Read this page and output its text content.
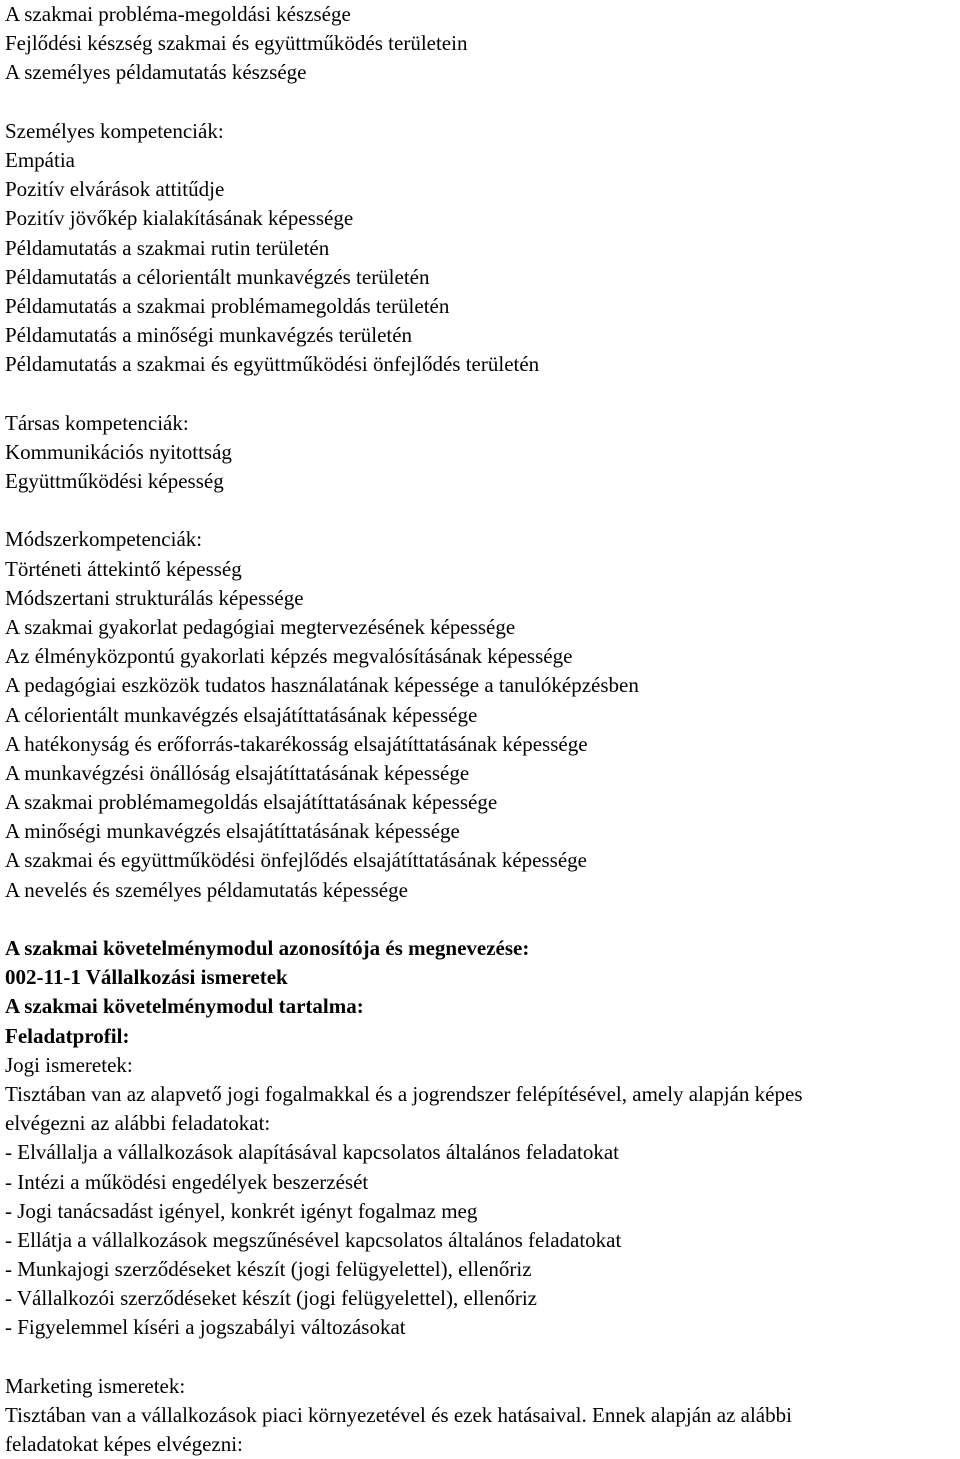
A szakmai probléma-megoldási készsége
Fejlődési készség szakmai és együttműködés területein
A személyes példamutatás készsége
Személyes kompetenciák:
Empátia
Pozitív elvárások attitűdje
Pozitív jövőkép kialakításának képessége
Példamutatás a szakmai rutin területén
Példamutatás a célorientált munkavégzés területén
Példamutatás a szakmai problémamegoldás területén
Példamutatás a minőségi munkavégzés területén
Példamutatás a szakmai és együttműködési önfejlődés területén
Társas kompetenciák:
Kommunikációs nyitottság
Együttműködési képesség
Módszerkompetenciák:
Történeti áttekintő képesség
Módszertani strukturálás képessége
A szakmai gyakorlat pedagógiai megtervezésének képessége
Az élményközpontú gyakorlati képzés megvalósításának képessége
A pedagógiai eszközök tudatos használatának képessége a tanulóképzésben
A célorientált munkavégzés elsajátíttatásának képessége
A hatékonyság és erőforrás-takarékosság elsajátíttatásának képessége
A munkavégzési önállóság elsajátíttatásának képessége
A szakmai problémamegoldás elsajátíttatásának képessége
A minőségi munkavégzés elsajátíttatásának képessége
A szakmai és együttműködési önfejlődés elsajátíttatásának képessége
A nevelés és személyes példamutatás képessége
A szakmai követelménymodul azonosítója és megnevezése:
002-11-1 Vállalkozási ismeretek
A szakmai követelménymodul tartalma:
Feladatprofil:
Jogi ismeretek:
Tisztában van az alapvető jogi fogalmakkal és a jogrendszer felépítésével, amely alapján képes
elvégezni az alábbi feladatokat:
- Elvállalja a vállalkozások alapításával kapcsolatos általános feladatokat
- Intézi a működési engedélyek beszerzését
- Jogi tanácsadást igényel, konkrét igényt fogalmaz meg
- Ellátja a vállalkozások megszűnésével kapcsolatos általános feladatokat
- Munkajogi szerződéseket készít (jogi felügyelettel), ellenőriz
- Vállalkozói szerződéseket készít (jogi felügyelettel), ellenőriz
- Figyelemmel kíséri a jogszabályi változásokat
Marketing ismeretek:
Tisztában van a vállalkozások piaci környezetével és ezek hatásaival. Ennek alapján az alábbi
feladatokat képes elvégezni:
